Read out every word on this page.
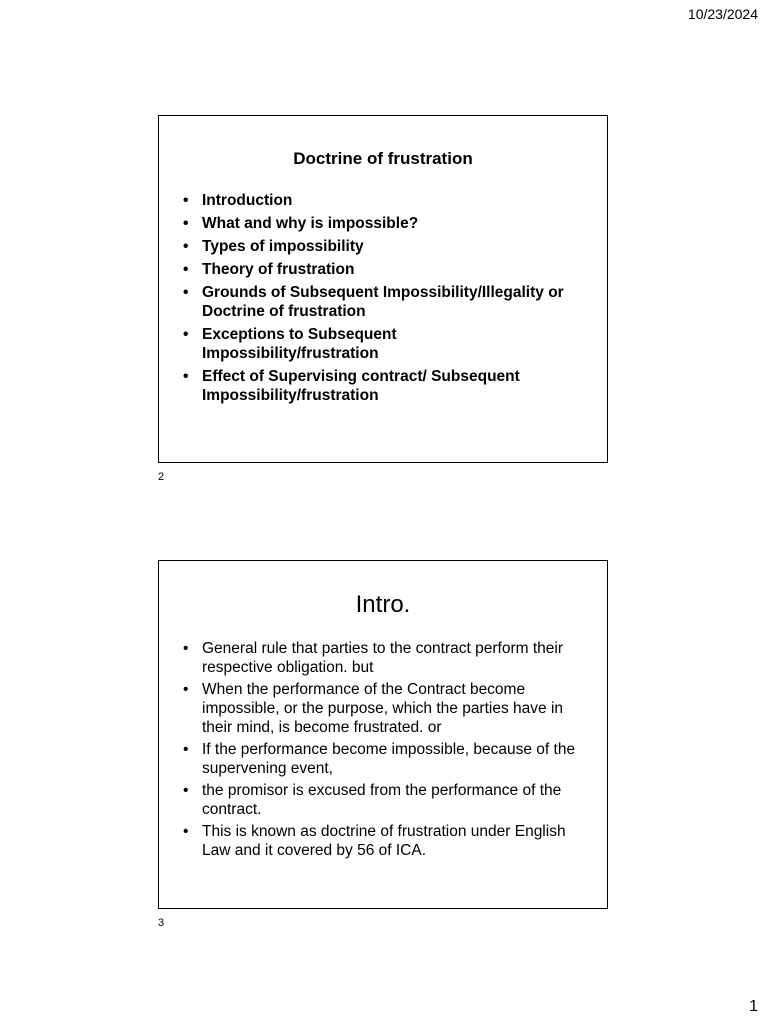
10/23/2024
Doctrine of frustration
• Introduction
• What and why is impossible?
• Types of impossibility
• Theory of frustration
• Grounds of Subsequent Impossibility/Illegality or Doctrine of frustration
• Exceptions to Subsequent Impossibility/frustration
• Effect of Supervising contract/ Subsequent Impossibility/frustration
2
Intro.
• General rule that parties to the contract perform their respective obligation. but
• When the performance of the Contract become impossible, or the purpose, which the parties have in their mind, is become frustrated. or
• If the performance become impossible, because of the supervening event,
• the promisor is excused from the performance of the contract.
• This is known as doctrine of frustration under English Law and it covered by 56 of ICA.
3
1
